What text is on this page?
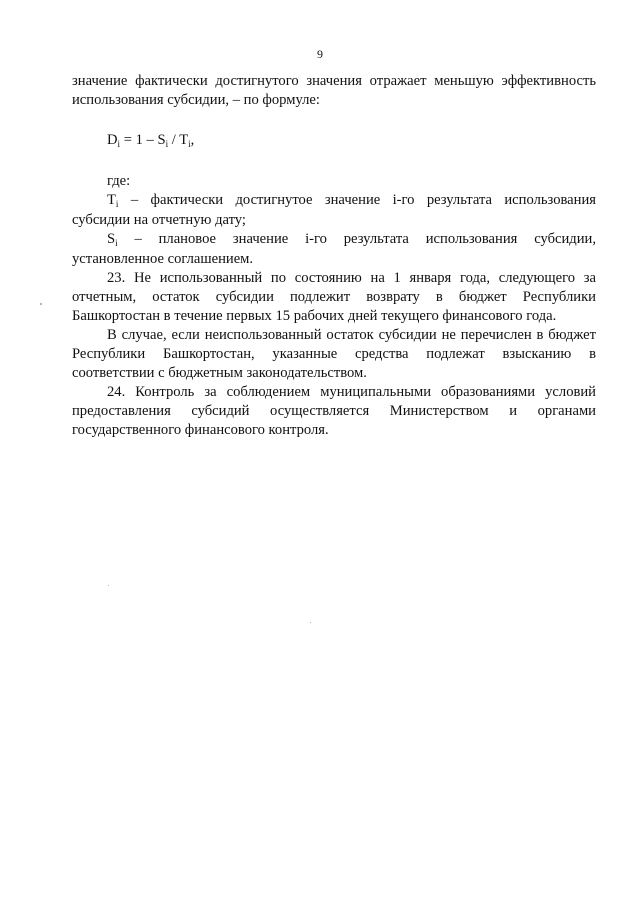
9

значение фактически достигнутого значения отражает меньшую эффективность использования субсидии, – по формуле:

$D_i = 1 - S_i / T_i$,

где:

$T_i$ – фактически достигнутое значение i-го результата использования субсидии на отчетную дату;

$S_i$ – плановое значение i-го результата использования субсидии, установленное соглашением.

23. Не использованный по состоянию на 1 января года, следующего за отчетным, остаток субсидии подлежит возврату в бюджет Республики Башкортостан в течение первых 15 рабочих дней текущего финансового года.

В случае, если неиспользованный остаток субсидии не перечислен в бюджет Республики Башкортостан, указанные средства подлежат взысканию в соответствии с бюджетным законодательством.

24. Контроль за соблюдением муниципальными образованиями условий предоставления субсидий осуществляется Министерством и органами государственного финансового контроля.
